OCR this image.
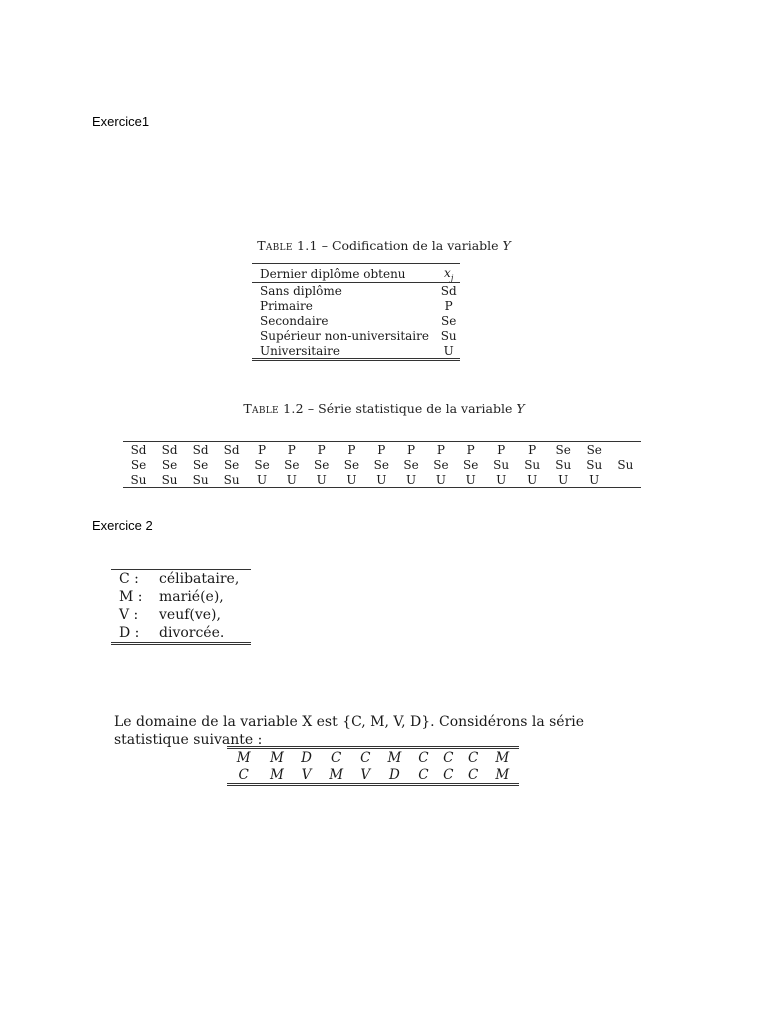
Exercice1
Table 1.1 – Codification de la variable Y
Dernier diplôme obtenu	$x_j$
Sans diplôme	Sd
Primaire	P
Secondaire	Se
Supérieur non-universitaire	Su
Universitaire	U
Table 1.2 – Série statistique de la variable Y
Sd	Sd	Sd	Sd	P	P	P	P	P	P	P	P	P	P	Se	Se	
Se	Se	Se	Se	Se	Se	Se	Se	Se	Se	Se	Se	Su	Su	Su	Su	Su
Su	Su	Su	Su	U	U	U	U	U	U	U	U	U	U	U	U	
Exercice 2
C :	célibataire,
M :	marié(e),
V :	veuf(ve),
D :	divorcée.
Le domaine de la variable X est {C, M, V, D}. Considérons la série statistique suivante :
M	M	D	C	C	M	C	C	C	M
C	M	V	M	V	D	C	C	C	M
